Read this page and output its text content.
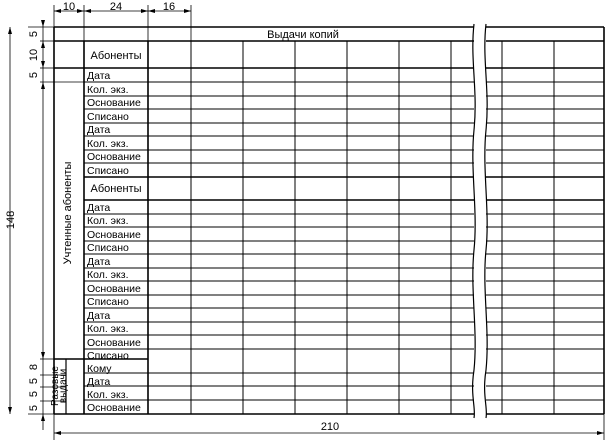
Выдачи копий
Абоненты
Учтенные абоненты
Разовые
выдачи
Дата
Кол. экз.
Основание
Списано
Дата
Кол. экз.
Основание
Списано
Абоненты
Дата
Кол. экз.
Основание
Списано
Дата
Кол. экз.
Основание
Списано
Дата
Кол. экз.
Основание
Списано
Кому
Дата
Кол. экз.
Основание
10	24	16
148
5
10
5
8
5
5
5
210
